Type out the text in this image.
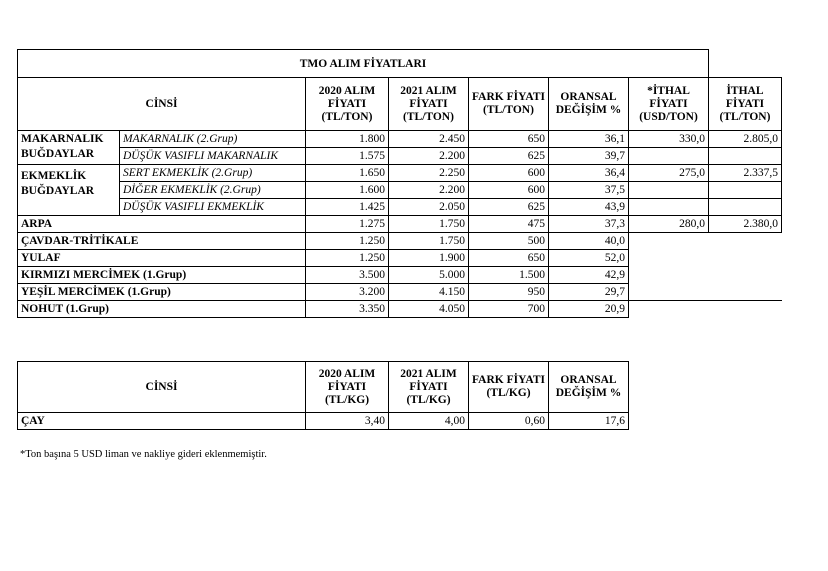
TMO ALIM FİYATLARI							
CİNSİ		2020 ALIM FİYATI (TL/TON)	2021 ALIM FİYATI (TL/TON)	FARK FİYATI (TL/TON)	ORANSAL DEĞİŞİM %	*İTHAL FİYATI (USD/TON)	İTHAL FİYATI (TL/TON)
MAKARNALIK BUĞDAYLAR	MAKARNALIK (2.Grup)	1.800	2.450	650	36,1	330,0	2.805,0
	DÜŞÜK VASIFLI MAKARNALIK	1.575	2.200	625	39,7		
EKMEKLİK BUĞDAYLAR	SERT EKMEKLİK (2.Grup)	1.650	2.250	600	36,4	275,0	2.337,5
	DİĞER EKMEKLİK (2.Grup)	1.600	2.200	600	37,5		
	DÜŞÜK VASIFLI EKMEKLİK	1.425	2.050	625	43,9		
ARPA		1.275	1.750	475	37,3	280,0	2.380,0
ÇAVDAR-TRİTİKALE		1.250	1.750	500	40,0		
YULAF		1.250	1.900	650	52,0		
KIRMIZI MERCİMEK (1.Grup)		3.500	5.000	1.500	42,9		
YEŞİL MERCİMEK (1.Grup)		3.200	4.150	950	29,7		
NOHUT (1.Grup)		3.350	4.050	700	20,9		
CİNSİ	2020 ALIM FİYATI (TL/KG)	2021 ALIM FİYATI (TL/KG)	FARK FİYATI (TL/KG)	ORANSAL DEĞİŞİM %
ÇAY	3,40	4,00	0,60	17,6
*Ton başına 5 USD liman ve nakliye gideri eklenmemiştir.
